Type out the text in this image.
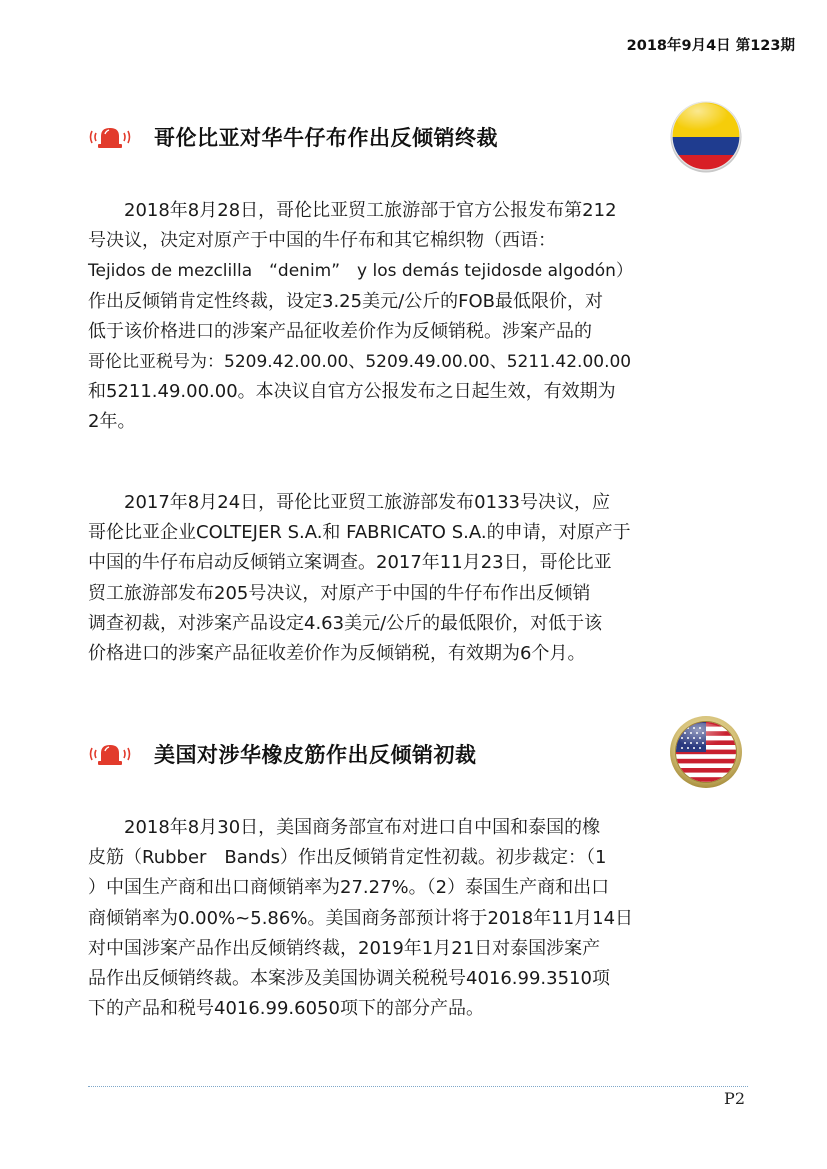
2018年9月4日 第123期
哥伦比亚对华牛仔布作出反倾销终裁
　　2018年8月28日，哥伦比亚贸工旅游部于官方公报发布第212
号决议，决定对原产于中国的牛仔布和其它棉织物（西语：
Tejidos de mezclilla　“denim”　y los demás tejidosde algodón）
作出反倾销肯定性终裁，设定3.25美元/公斤的FOB最低限价，对
低于该价格进口的涉案产品征收差价作为反倾销税。涉案产品的
哥伦比亚税号为：5209.42.00.00、5209.49.00.00、5211.42.00.00
和5211.49.00.00。本决议自官方公报发布之日起生效，有效期为
2年。
　　2017年8月24日，哥伦比亚贸工旅游部发布0133号决议，应
哥伦比亚企业COLTEJER S.A.和 FABRICATO S.A.的申请，对原产于
中国的牛仔布启动反倾销立案调查。2017年11月23日，哥伦比亚
贸工旅游部发布205号决议，对原产于中国的牛仔布作出反倾销
调查初裁，对涉案产品设定4.63美元/公斤的最低限价，对低于该
价格进口的涉案产品征收差价作为反倾销税，有效期为6个月。
美国对涉华橡皮筋作出反倾销初裁
　　2018年8月30日，美国商务部宣布对进口自中国和泰国的橡
皮筋（Rubber　Bands）作出反倾销肯定性初裁。初步裁定：（1
）中国生产商和出口商倾销率为27.27%。（2）泰国生产商和出口
商倾销率为0.00%~5.86%。美国商务部预计将于2018年11月14日
对中国涉案产品作出反倾销终裁，2019年1月21日对泰国涉案产
品作出反倾销终裁。本案涉及美国协调关税税号4016.99.3510项
下的产品和税号4016.99.6050项下的部分产品。
P2
